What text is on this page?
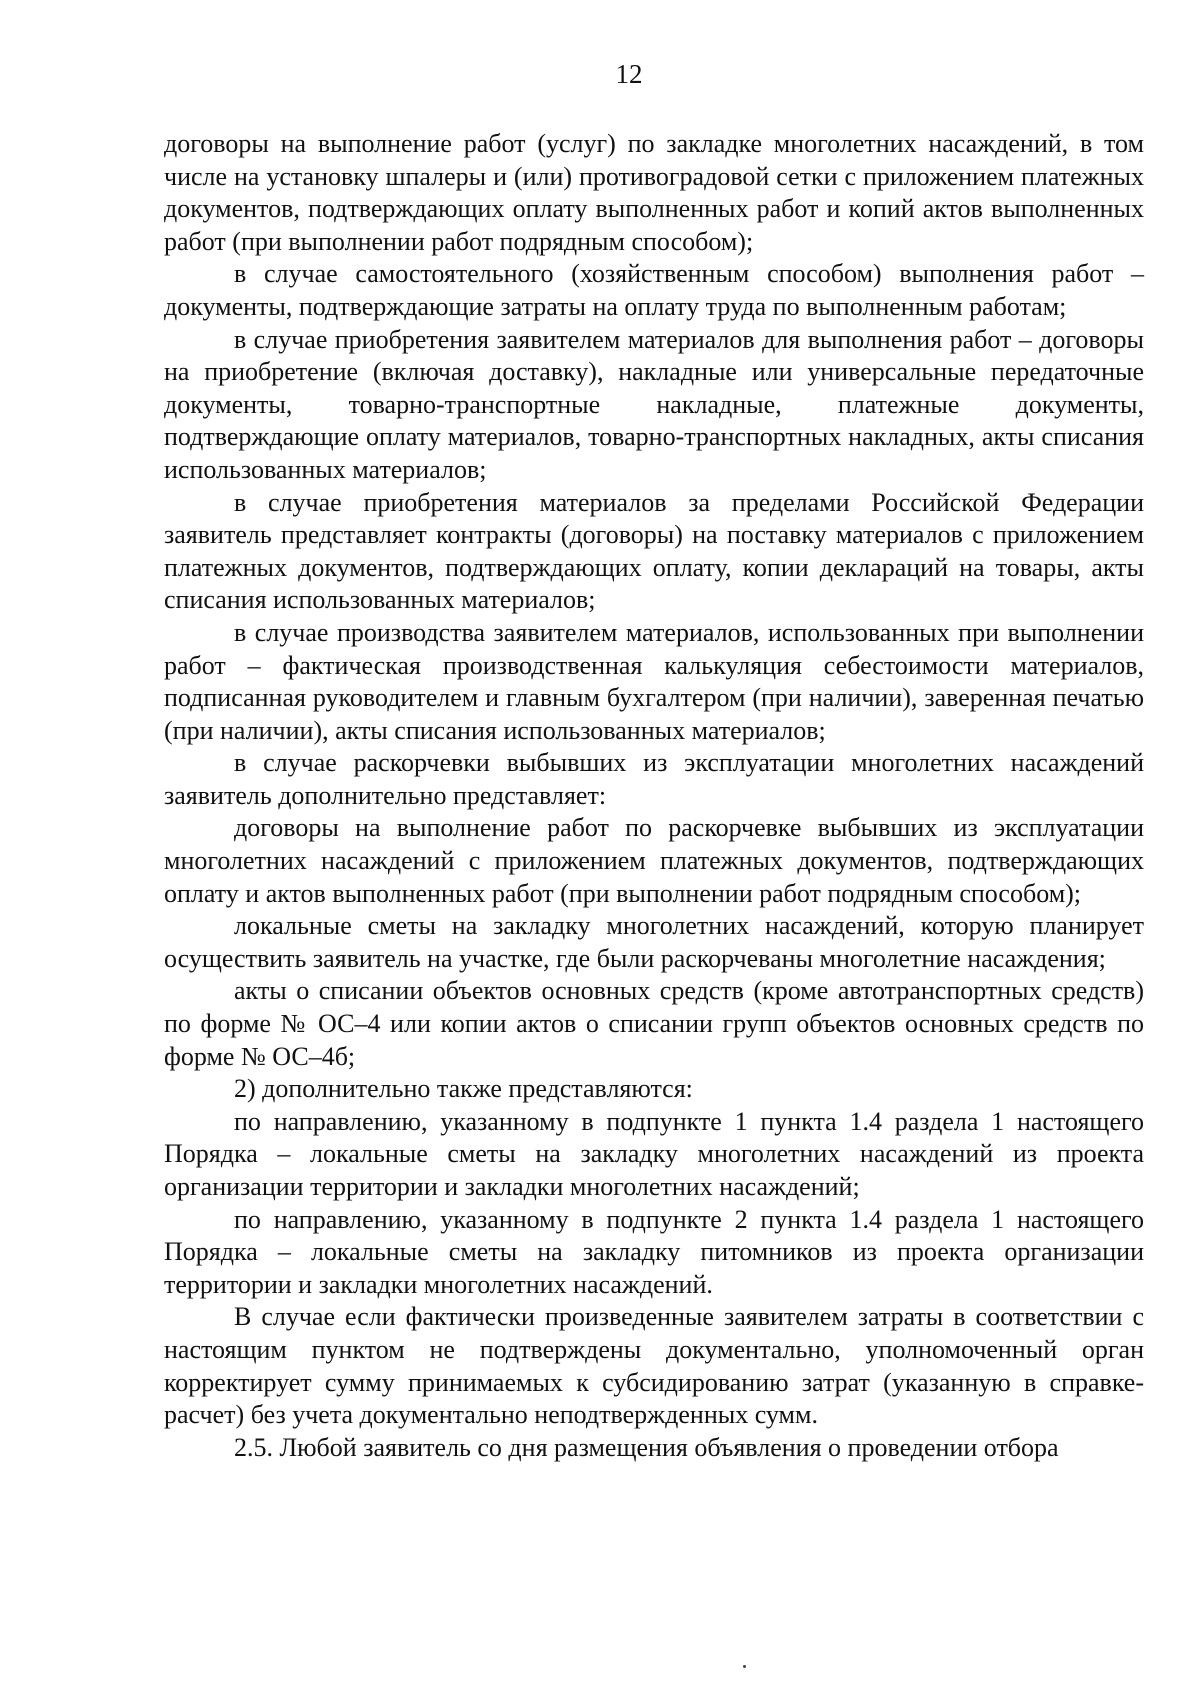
12

договоры на выполнение работ (услуг) по закладке многолетних насаждений, в том числе на установку шпалеры и (или) противоградовой сетки с приложением платежных документов, подтверждающих оплату выполненных работ и копий актов выполненных работ (при выполнении работ подрядным способом);

в случае самостоятельного (хозяйственным способом) выполнения работ – документы, подтверждающие затраты на оплату труда по выполненным работам;

в случае приобретения заявителем материалов для выполнения работ – договоры на приобретение (включая доставку), накладные или универсальные передаточные документы, товарно-транспортные накладные, платежные документы, подтверждающие оплату материалов, товарно-транспортных накладных, акты списания использованных материалов;

в случае приобретения материалов за пределами Российской Федерации заявитель представляет контракты (договоры) на поставку материалов с приложением платежных документов, подтверждающих оплату, копии деклараций на товары, акты списания использованных материалов;

в случае производства заявителем материалов, использованных при выполнении работ – фактическая производственная калькуляция себестоимости материалов, подписанная руководителем и главным бухгалтером (при наличии), заверенная печатью (при наличии), акты списания использованных материалов;

в случае раскорчевки выбывших из эксплуатации многолетних насаждений заявитель дополнительно представляет:

договоры на выполнение работ по раскорчевке выбывших из эксплуатации многолетних насаждений с приложением платежных документов, подтверждающих оплату и актов выполненных работ (при выполнении работ подрядным способом);

локальные сметы на закладку многолетних насаждений, которую планирует осуществить заявитель на участке, где были раскорчеваны многолетние насаждения;

акты о списании объектов основных средств (кроме автотранспортных средств) по форме № ОС–4 или копии актов о списании групп объектов основных средств по форме № ОС–4б;

2) дополнительно также представляются:

по направлению, указанному в подпункте 1 пункта 1.4 раздела 1 настоящего Порядка – локальные сметы на закладку многолетних насаждений из проекта организации территории и закладки многолетних насаждений;

по направлению, указанному в подпункте 2 пункта 1.4 раздела 1 настоящего Порядка – локальные сметы на закладку питомников из проекта организации территории и закладки многолетних насаждений.

В случае если фактически произведенные заявителем затраты в соответствии с настоящим пунктом не подтверждены документально, уполномоченный орган корректирует сумму принимаемых к субсидированию затрат (указанную в справке-расчет) без учета документально неподтвержденных сумм.

2.5. Любой заявитель со дня размещения объявления о проведении отбора
